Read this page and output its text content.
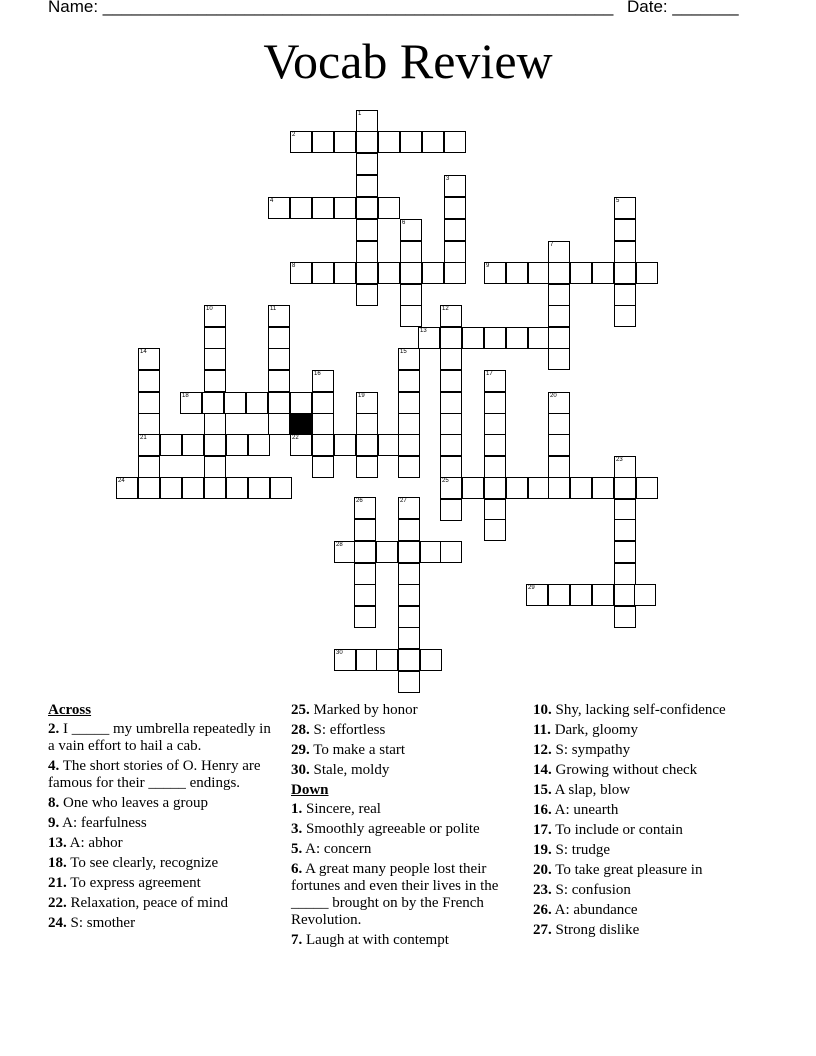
Name: ______________________________________________________ Date: _______
Vocab Review
1
2
3
4	5
6
7
8	9
10	11	12
13
14	15
16	17
18	19	20
21	22
23
24	25
26	27
28
29
30
Across
2. I _____ my umbrella repeatedly in a vain effort to hail a cab.
4. The short stories of O. Henry are famous for their _____ endings.
8. One who leaves a group
9. A: fearfulness
13. A: abhor
18. To see clearly, recognize
21. To express agreement
22. Relaxation, peace of mind
24. S: smother
25. Marked by honor
28. S: effortless
29. To make a start
30. Stale, moldy
Down
1. Sincere, real
3. Smoothly agreeable or polite
5. A: concern
6. A great many people lost their fortunes and even their lives in the _____ brought on by the French Revolution.
7. Laugh at with contempt
10. Shy, lacking self-confidence
11. Dark, gloomy
12. S: sympathy
14. Growing without check
15. A slap, blow
16. A: unearth
17. To include or contain
19. S: trudge
20. To take great pleasure in
23. S: confusion
26. A: abundance
27. Strong dislike
